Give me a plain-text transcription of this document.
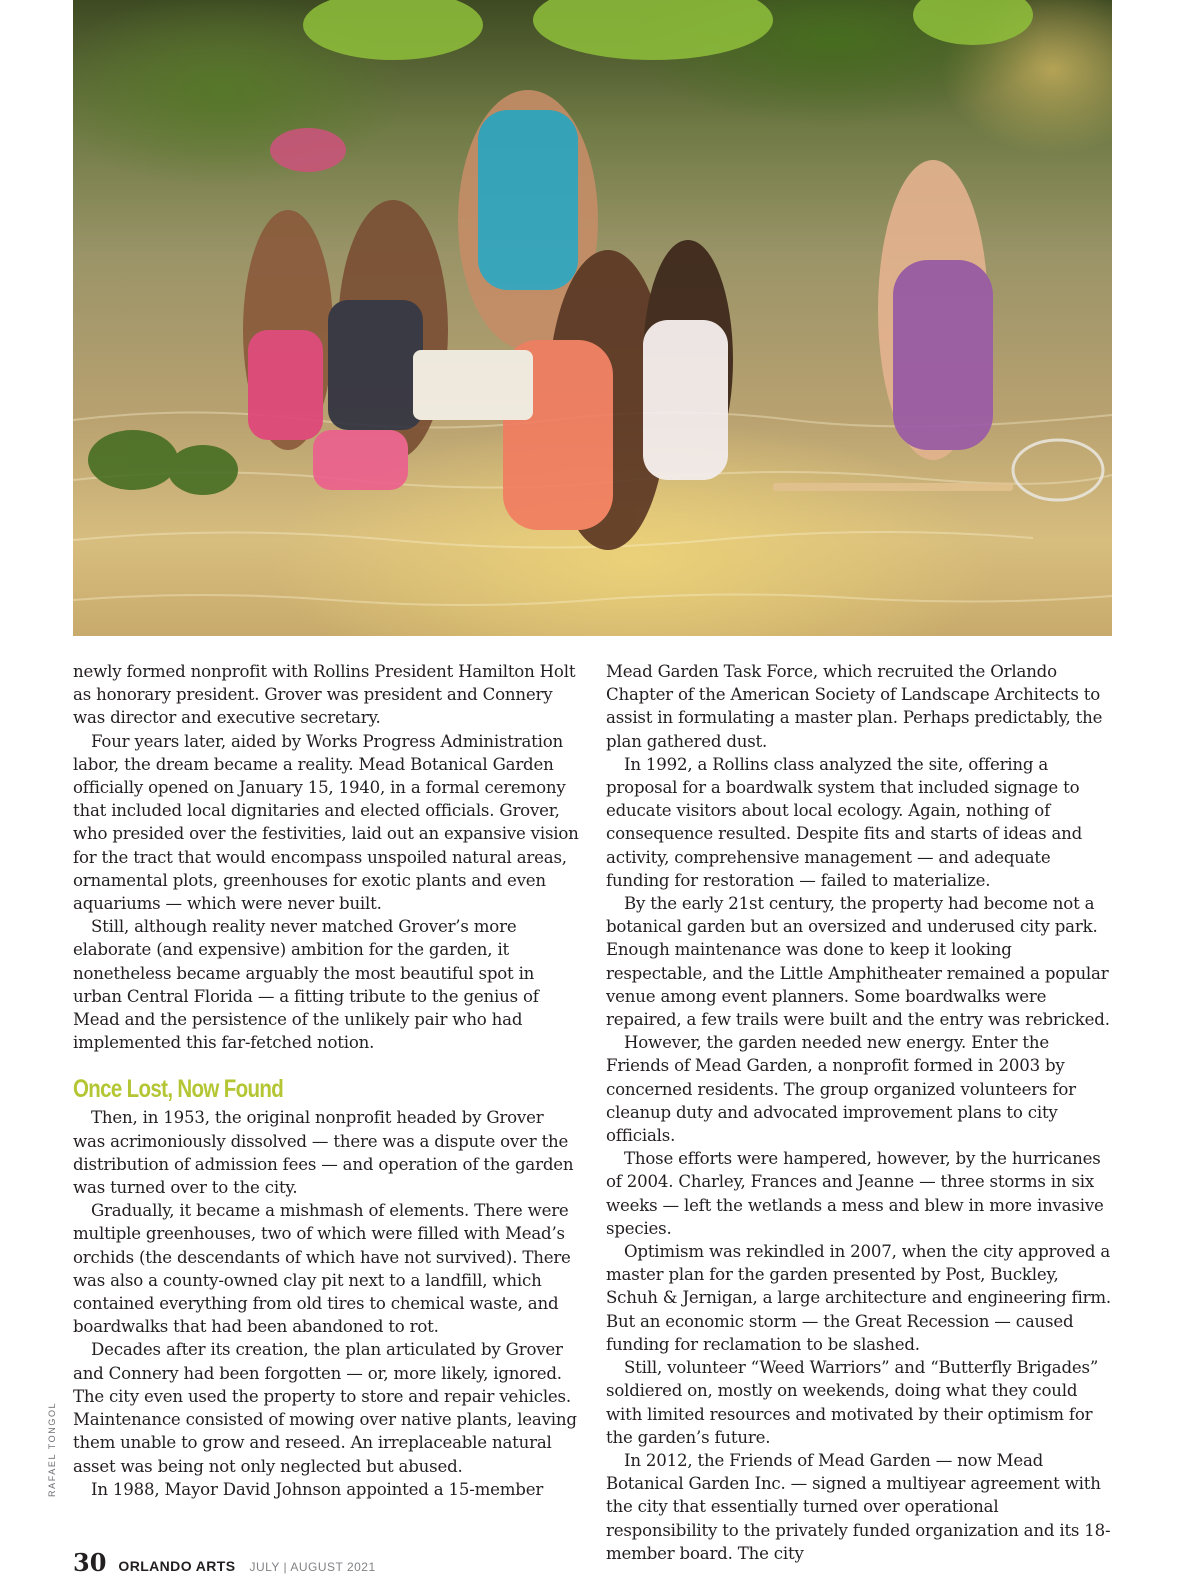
newly formed nonprofit with Rollins President Hamilton Holt as honorary president. Grover was president and Connery was director and executive secretary.

Four years later, aided by Works Progress Administration labor, the dream became a reality. Mead Botanical Garden officially opened on January 15, 1940, in a formal ceremony that included local dignitaries and elected officials. Grover, who presided over the festivities, laid out an expansive vision for the tract that would encompass unspoiled natural areas, ornamental plots, greenhouses for exotic plants and even aquariums — which were never built.

Still, although reality never matched Grover’s more elaborate (and expensive) ambition for the garden, it nonetheless became arguably the most beautiful spot in urban Central Florida — a fitting tribute to the genius of Mead and the persistence of the unlikely pair who had implemented this far-fetched notion.

Once Lost, Now Found

Then, in 1953, the original nonprofit headed by Grover was acrimoniously dissolved — there was a dispute over the distribution of admission fees — and operation of the garden was turned over to the city.

Gradually, it became a mishmash of elements. There were multiple greenhouses, two of which were filled with Mead’s orchids (the descendants of which have not survived). There was also a county-owned clay pit next to a landfill, which contained everything from old tires to chemical waste, and boardwalks that had been abandoned to rot.

Decades after its creation, the plan articulated by Grover and Connery had been forgotten — or, more likely, ignored. The city even used the property to store and repair vehicles. Maintenance consisted of mowing over native plants, leaving them unable to grow and reseed. An irreplaceable natural asset was being not only neglected but abused.

In 1988, Mayor David Johnson appointed a 15-member

Mead Garden Task Force, which recruited the Orlando Chapter of the American Society of Landscape Architects to assist in formulating a master plan. Perhaps predictably, the plan gathered dust.

In 1992, a Rollins class analyzed the site, offering a proposal for a boardwalk system that included signage to educate visitors about local ecology. Again, nothing of consequence resulted. Despite fits and starts of ideas and activity, comprehensive management — and adequate funding for restoration — failed to materialize.

By the early 21st century, the property had become not a botanical garden but an oversized and underused city park. Enough maintenance was done to keep it looking respectable, and the Little Amphitheater remained a popular venue among event planners. Some boardwalks were repaired, a few trails were built and the entry was rebricked.

However, the garden needed new energy. Enter the Friends of Mead Garden, a nonprofit formed in 2003 by concerned residents. The group organized volunteers for cleanup duty and advocated improvement plans to city officials.

Those efforts were hampered, however, by the hurricanes of 2004. Charley, Frances and Jeanne — three storms in six weeks — left the wetlands a mess and blew in more invasive species.

Optimism was rekindled in 2007, when the city approved a master plan for the garden presented by Post, Buckley, Schuh & Jernigan, a large architecture and engineering firm. But an economic storm — the Great Recession — caused funding for reclamation to be slashed.

Still, volunteer “Weed Warriors” and “Butterfly Brigades” soldiered on, mostly on weekends, doing what they could with limited resources and motivated by their optimism for the garden’s future.

In 2012, the Friends of Mead Garden — now Mead Botanical Garden Inc. — signed a multiyear agreement with the city that essentially turned over operational responsibility to the privately funded organization and its 18-member board. The city

RAFAEL TONGOL
30 ORLANDO ARTS JULY | AUGUST 2021
